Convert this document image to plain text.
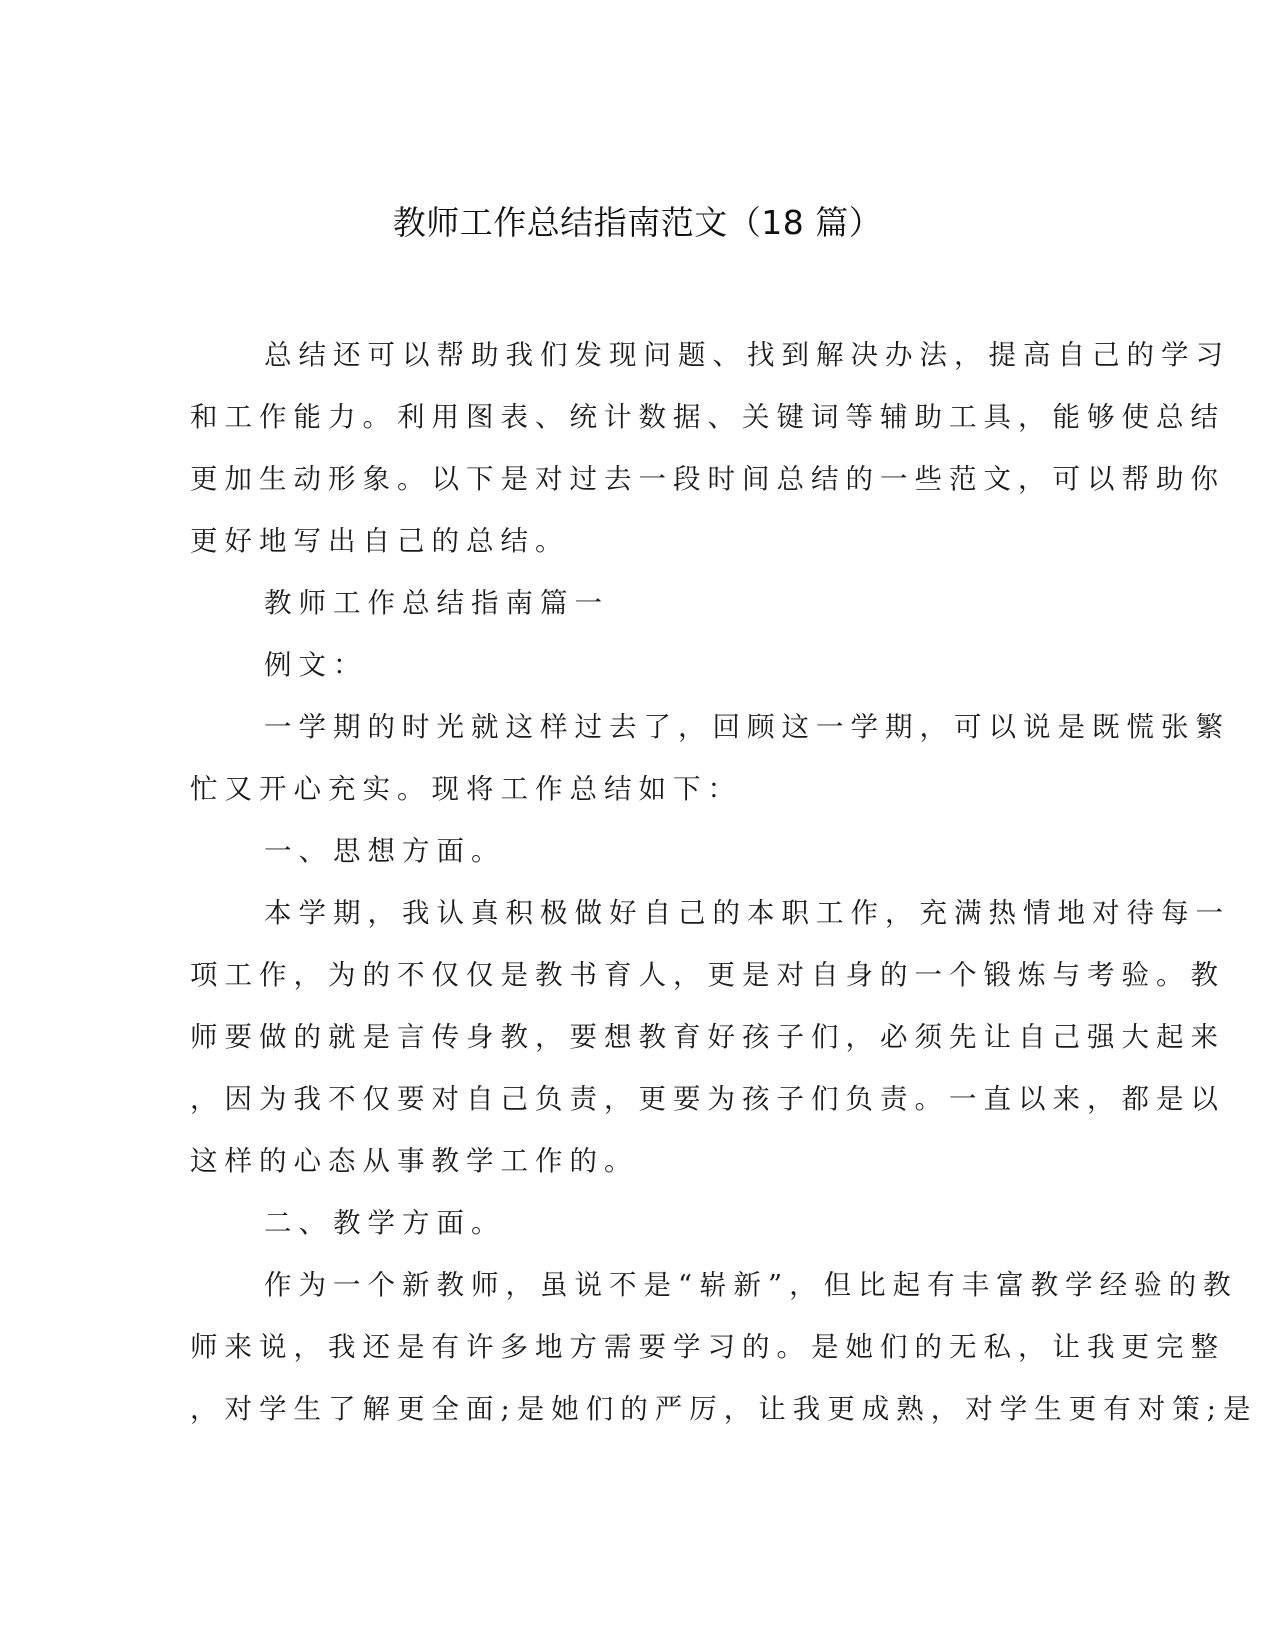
教师工作总结指南范文（18 篇）
总结还可以帮助我们发现问题、找到解决办法，提高自己的学习
和工作能力。利用图表、统计数据、关键词等辅助工具，能够使总结
更加生动形象。以下是对过去一段时间总结的一些范文，可以帮助你
更好地写出自己的总结。
教师工作总结指南篇一
例文：
一学期的时光就这样过去了，回顾这一学期，可以说是既慌张繁
忙又开心充实。现将工作总结如下：
一、思想方面。
本学期，我认真积极做好自己的本职工作，充满热情地对待每一
项工作，为的不仅仅是教书育人，更是对自身的一个锻炼与考验。教
师要做的就是言传身教，要想教育好孩子们，必须先让自己强大起来
，因为我不仅要对自己负责，更要为孩子们负责。一直以来，都是以
这样的心态从事教学工作的。
二、教学方面。
作为一个新教师，虽说不是“崭新”，但比起有丰富教学经验的教
师来说，我还是有许多地方需要学习的。是她们的无私，让我更完整
，对学生了解更全面;是她们的严厉，让我更成熟，对学生更有对策;是
